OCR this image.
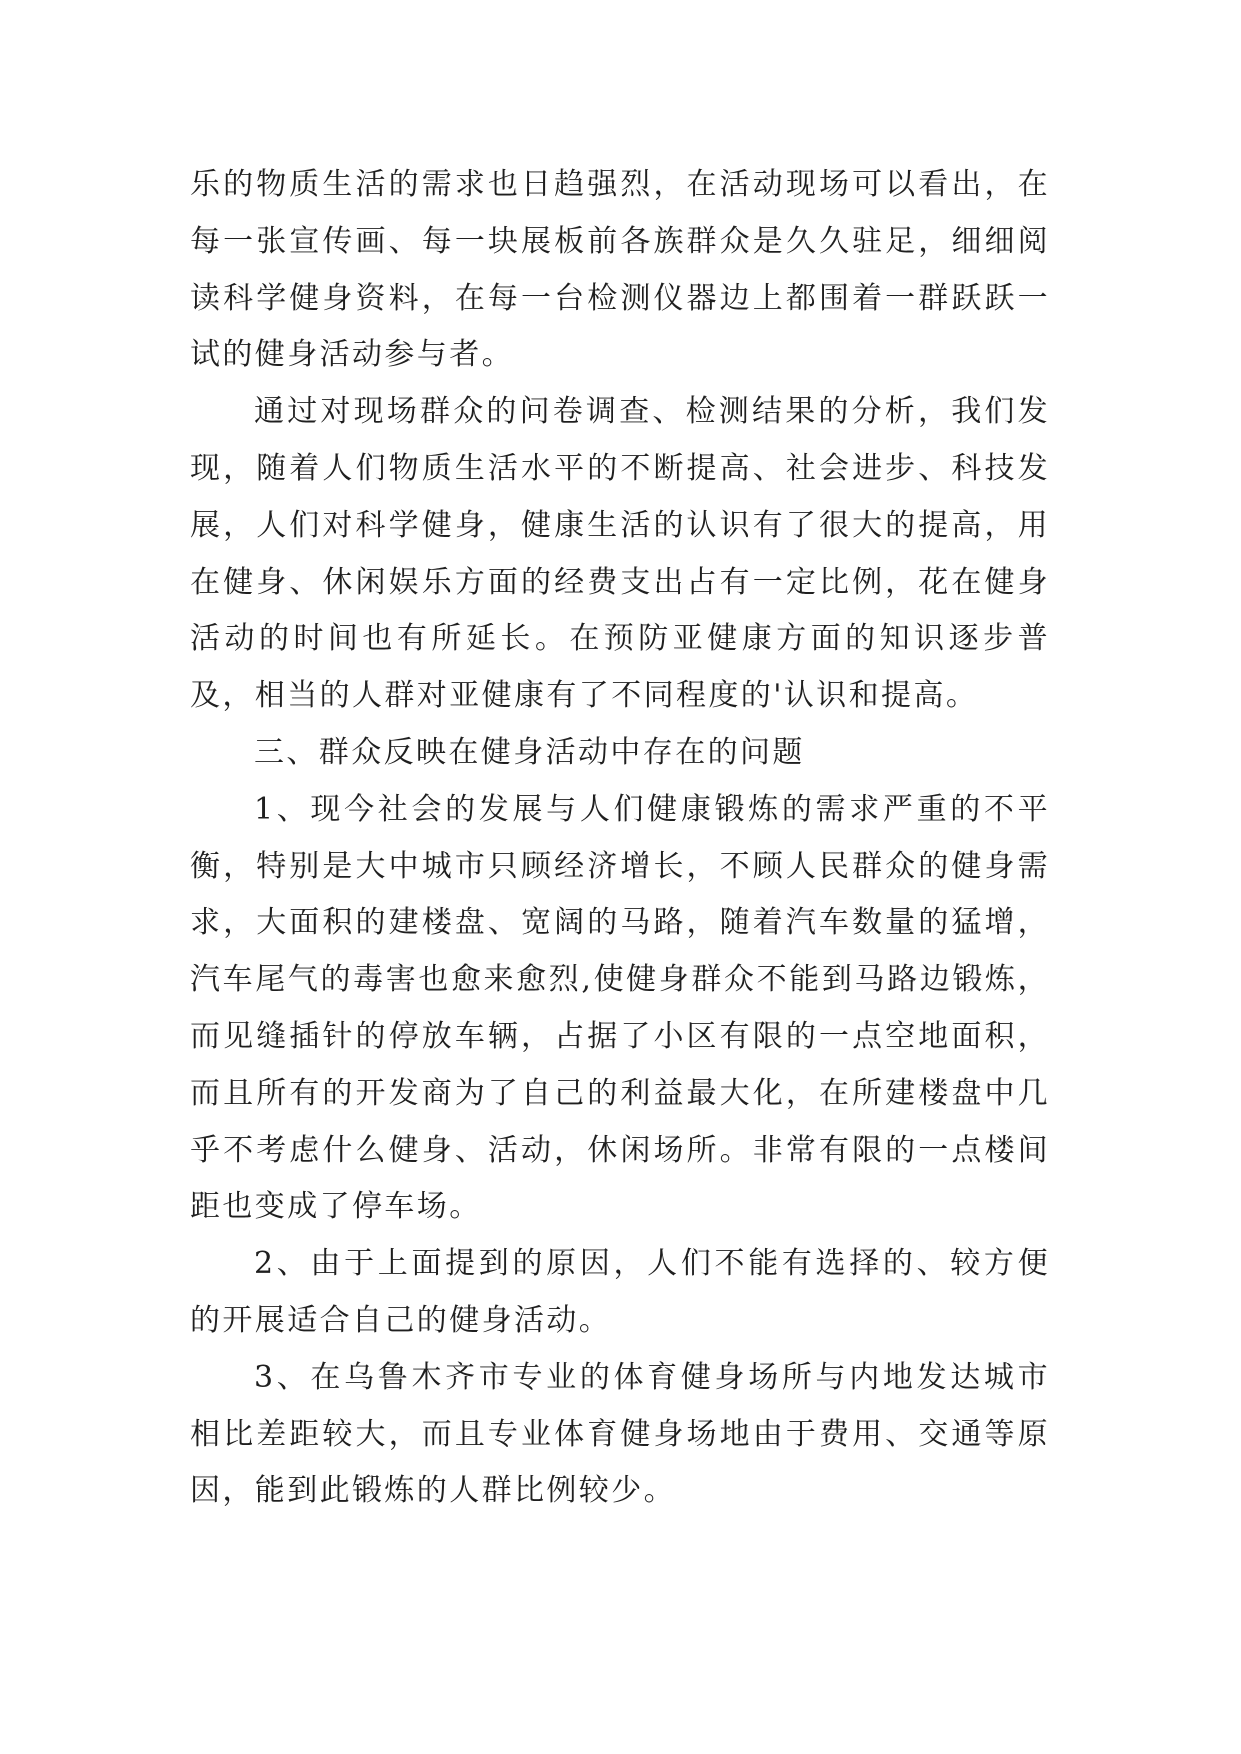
乐的物质生活的需求也日趋强烈，在活动现场可以看出，在每一张宣传画、每一块展板前各族群众是久久驻足，细细阅读科学健身资料，在每一台检测仪器边上都围着一群跃跃一试的健身活动参与者。

通过对现场群众的问卷调查、检测结果的分析，我们发现，随着人们物质生活水平的不断提高、社会进步、科技发展，人们对科学健身，健康生活的认识有了很大的提高，用在健身、休闲娱乐方面的经费支出占有一定比例，花在健身活动的时间也有所延长。在预防亚健康方面的知识逐步普及，相当的人群对亚健康有了不同程度的'认识和提高。

三、群众反映在健身活动中存在的问题

1、现今社会的发展与人们健康锻炼的需求严重的不平衡，特别是大中城市只顾经济增长，不顾人民群众的健身需求，大面积的建楼盘、宽阔的马路，随着汽车数量的猛增，汽车尾气的毒害也愈来愈烈,使健身群众不能到马路边锻炼，而见缝插针的停放车辆，占据了小区有限的一点空地面积，而且所有的开发商为了自己的利益最大化，在所建楼盘中几乎不考虑什么健身、活动，休闲场所。非常有限的一点楼间距也变成了停车场。

2、由于上面提到的原因，人们不能有选择的、较方便的开展适合自己的健身活动。

3、在乌鲁木齐市专业的体育健身场所与内地发达城市相比差距较大，而且专业体育健身场地由于费用、交通等原因，能到此锻炼的人群比例较少。
